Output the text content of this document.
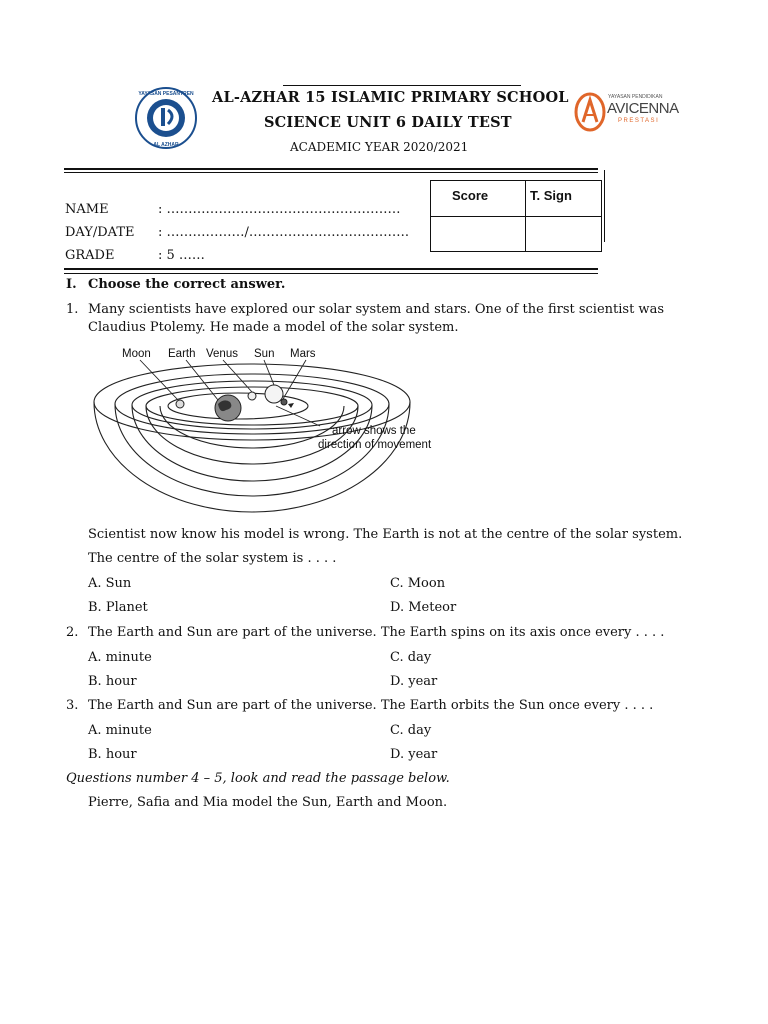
YAYASAN PESANTREN
AL AZHAR
AL-AZHAR 15 ISLAMIC PRIMARY SCHOOL
SCIENCE UNIT 6 DAILY TEST
ACADEMIC YEAR 2020/2021
YAYASAN PENDIDIKAN
AVICENNA
PRESTASI
NAME	: ………………………………………………
DAY/DATE : ………………/……………………………….
GRADE	: 5 ……
Score	T. Sign
I. Choose the correct answer.
1. Many scientists have explored our solar system and stars. One of the first scientist was
Claudius Ptolemy. He made a model of the solar system.
Moon Earth Venus Sun Mars
arrow shows the
direction of movement
Scientist now know his model is wrong. The Earth is not at the centre of the solar system.
The centre of the solar system is . . . .
A. Sun	C. Moon
B. Planet	D. Meteor
2. The Earth and Sun are part of the universe. The Earth spins on its axis once every . . . .
A. minute	C. day
B. hour	D. year
3. The Earth and Sun are part of the universe. The Earth orbits the Sun once every . . . .
A. minute	C. day
B. hour	D. year
Questions number 4 – 5, look and read the passage below.
Pierre, Safia and Mia model the Sun, Earth and Moon.
